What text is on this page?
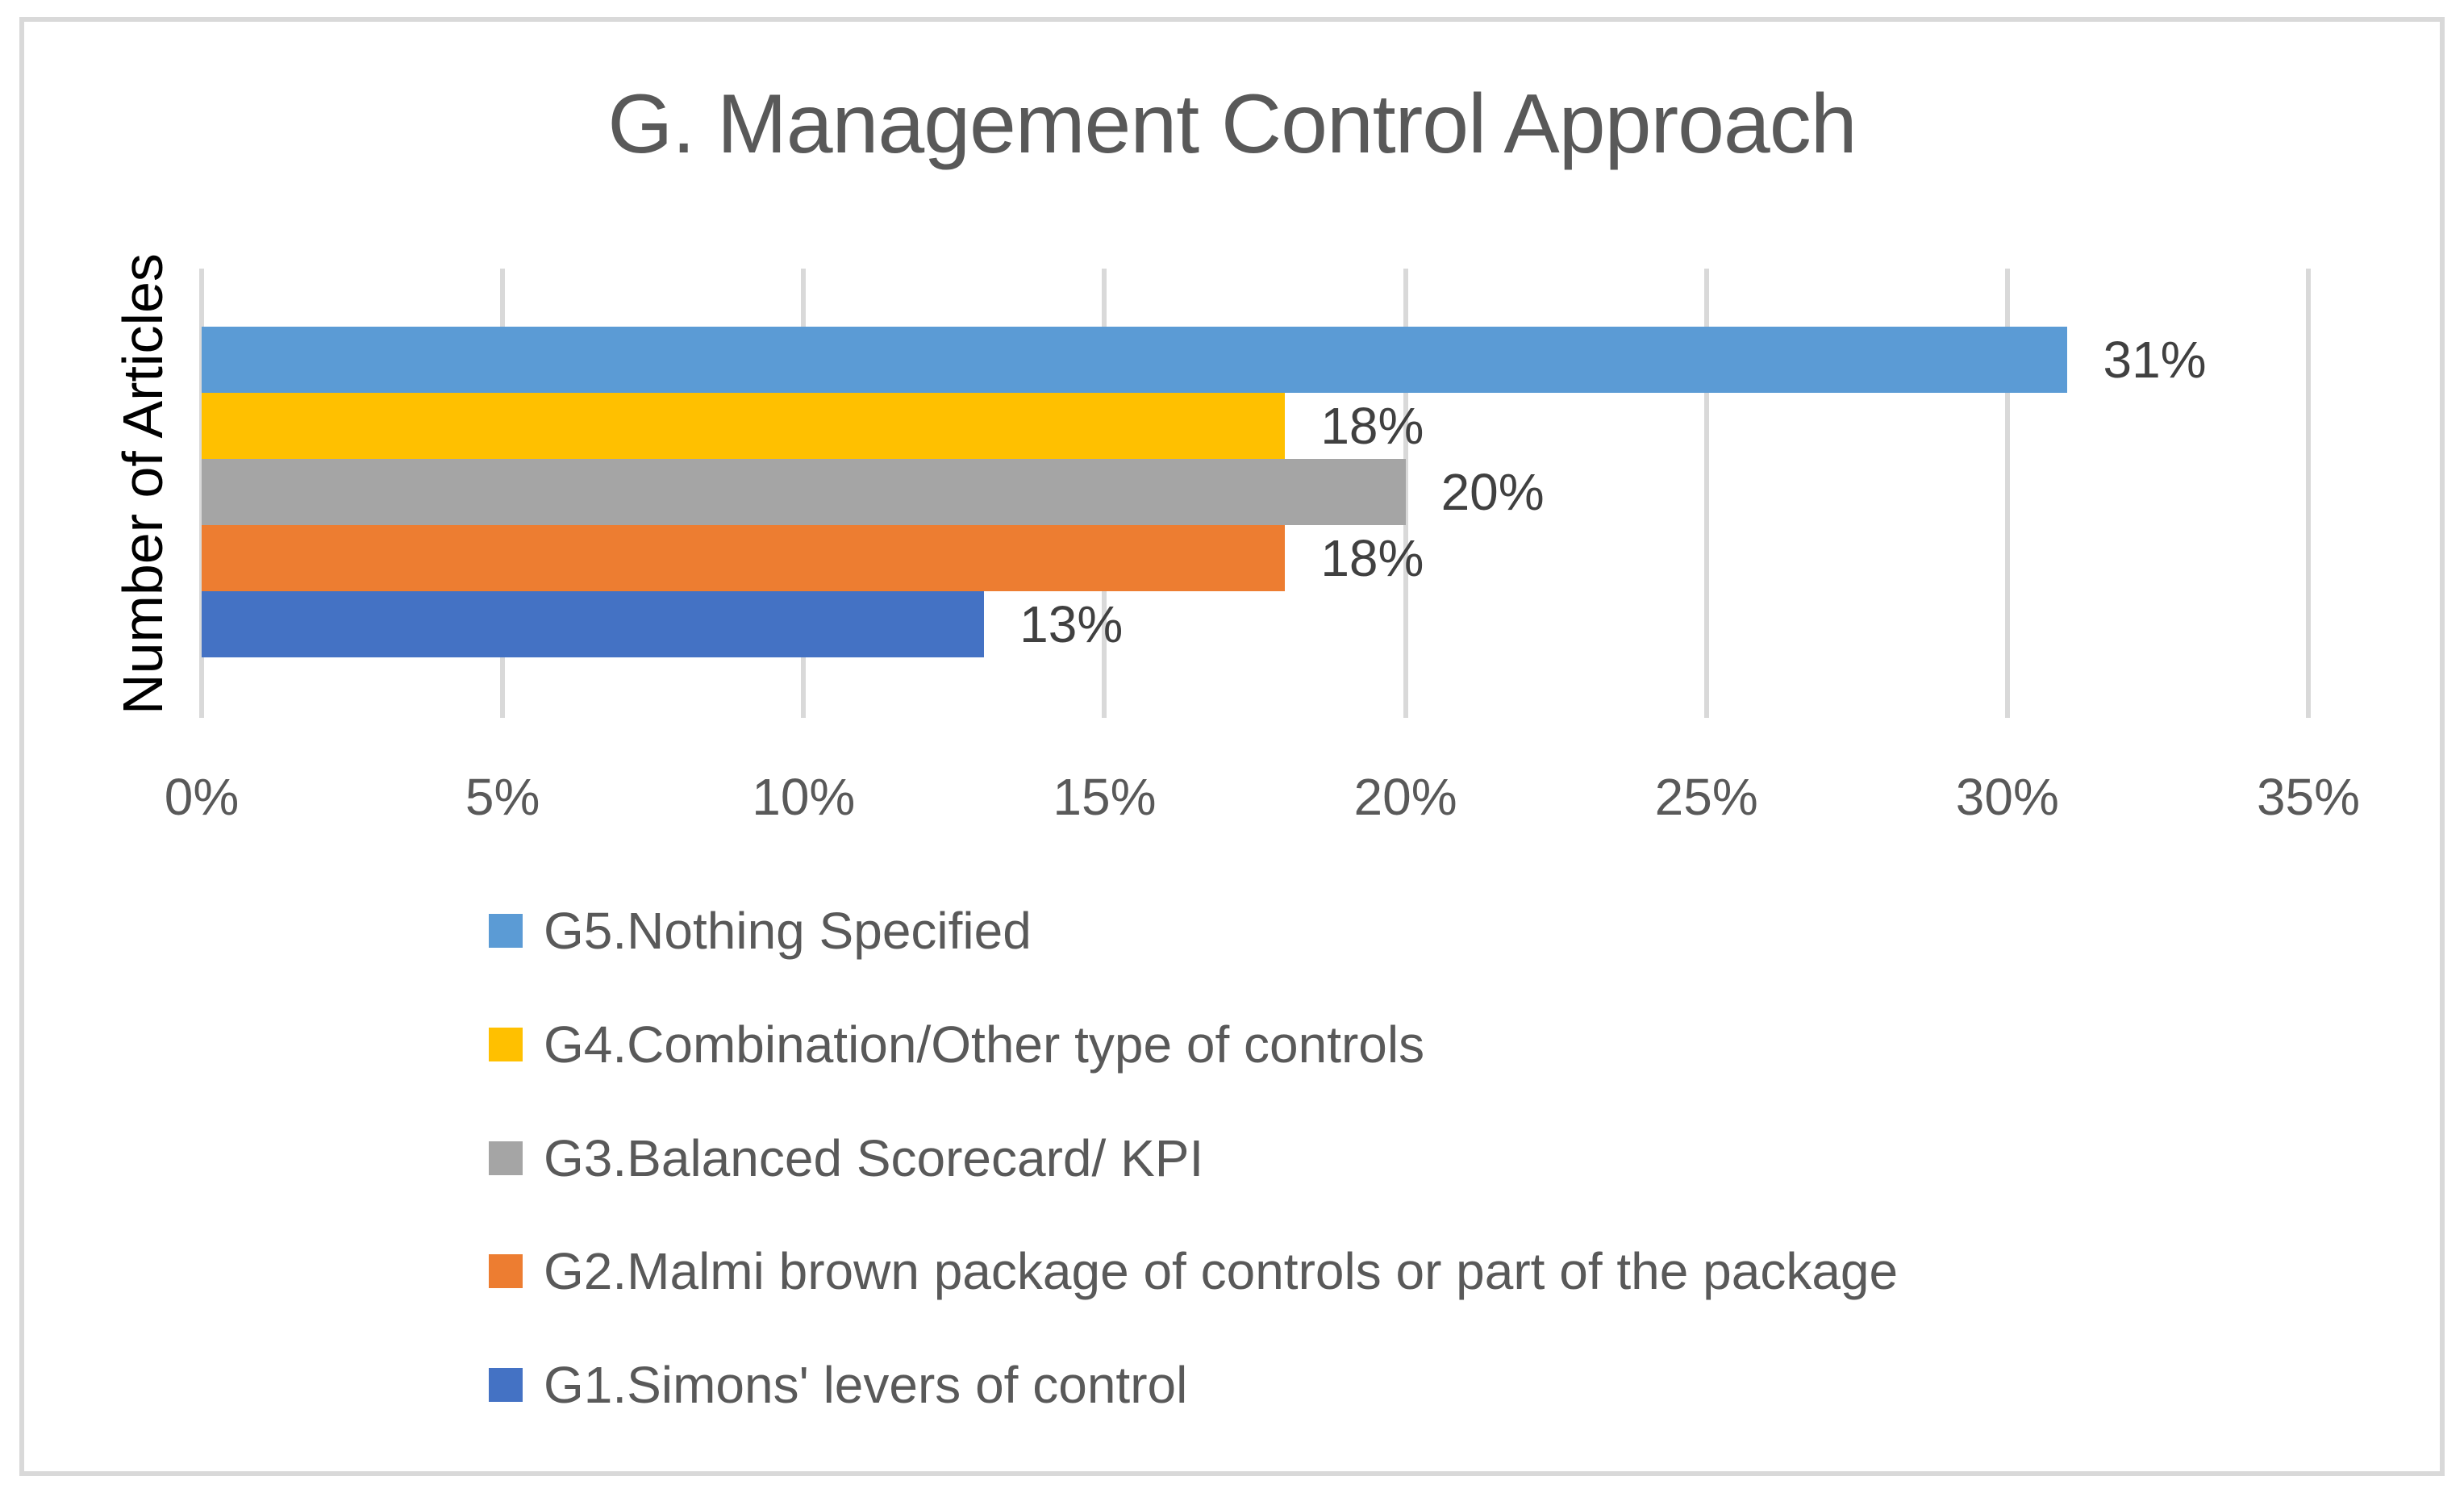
G. Management Control Approach
Number of Articles	31%
18%
20%
18%
13%
0%	5%	10%	15%	20%	25%	30%	35%
G5.Nothing Specified
G4.Combination/Other type of controls
G3.Balanced Scorecard/ KPI
G2.Malmi brown package of controls or part of the package
G1.Simons' levers of control
